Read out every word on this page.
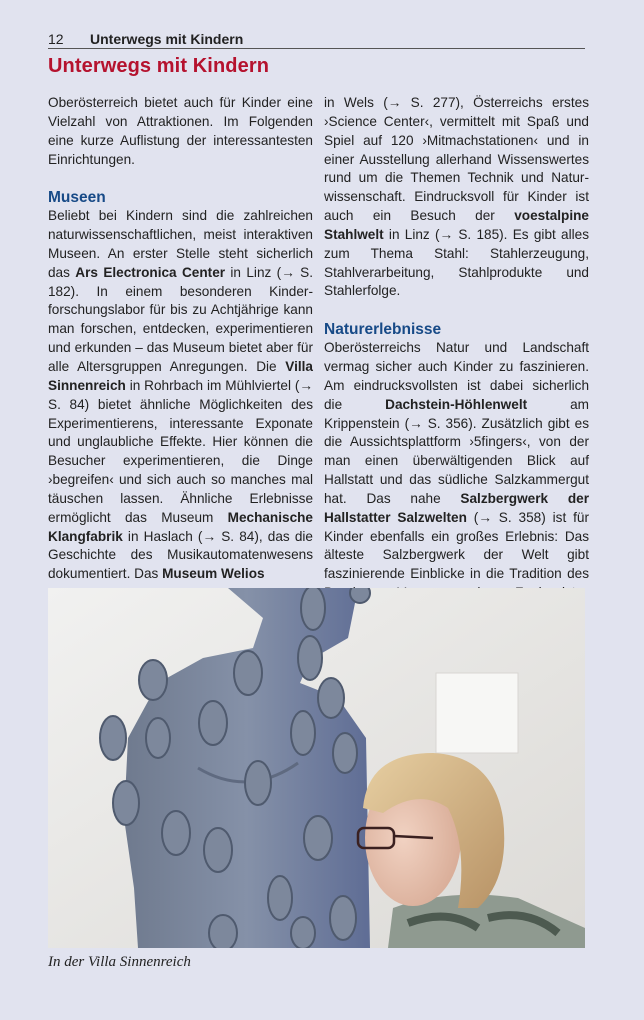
12 Unterwegs mit Kindern
Unterwegs mit Kindern

Oberösterreich bietet auch für Kinder eine Vielzahl von Attraktionen. Im Folgenden eine kurze Auflistung der interessantesten Einrichtungen.

Museen

Beliebt bei Kindern sind die zahlreichen naturwissenschaftlichen, meist interaktiven Museen. An erster Stelle steht sicherlich das Ars Electronica Center in Linz (→ S. 182). In einem besonderen Kinderforschungslabor für bis zu Achtjährige kann man forschen, entdecken, experimentieren und erkunden – das Museum bietet aber für alle Altersgruppen Anregungen. Die Villa Sinnenreich in Rohrbach im Mühlviertel (→ S. 84) bietet ähnliche Möglichkeiten des Experimentierens, interessante Exponate und unglaubliche Effekte. Hier können die Besucher experimentieren, die Dinge ›begreifen‹ und sich auch so manches mal täuschen lassen. Ähnliche Erlebnisse ermöglicht das Museum Mechanische Klangfabrik in Haslach (→ S. 84), das die Geschichte des Musikautomatenwesens dokumentiert. Das Museum Welios

in Wels (→ S. 277), Österreichs erstes ›Science Center‹, vermittelt mit Spaß und Spiel auf 120 ›Mitmachstationen‹ und in einer Ausstellung allerhand Wissenswertes rund um die Themen Technik und Naturwissenschaft. Eindrucksvoll für Kinder ist auch ein Besuch der voestalpine Stahlwelt in Linz (→ S. 185). Es gibt alles zum Thema Stahl: Stahlerzeugung, Stahlverarbeitung, Stahlprodukte und Stahlerfolge.

Naturerlebnisse

Oberösterreichs Natur und Landschaft vermag sicher auch Kinder zu faszinieren. Am eindrucksvollsten ist dabei sicherlich die Dachstein-Höhlenwelt am Krippenstein (→ S. 356). Zusätzlich gibt es die Aussichtsplattform ›5fingers‹, von der man einen überwältigenden Blick auf Hallstatt und das südliche Salzkammergut hat. Das nahe Salzbergwerk der Hallstatter Salzwelten (→ S. 358) ist für Kinder ebenfalls ein großes Erlebnis: Das älteste Salzbergwerk der Welt gibt faszinierende Einblicke in die Tradition des

In der Villa Sinnenreich
